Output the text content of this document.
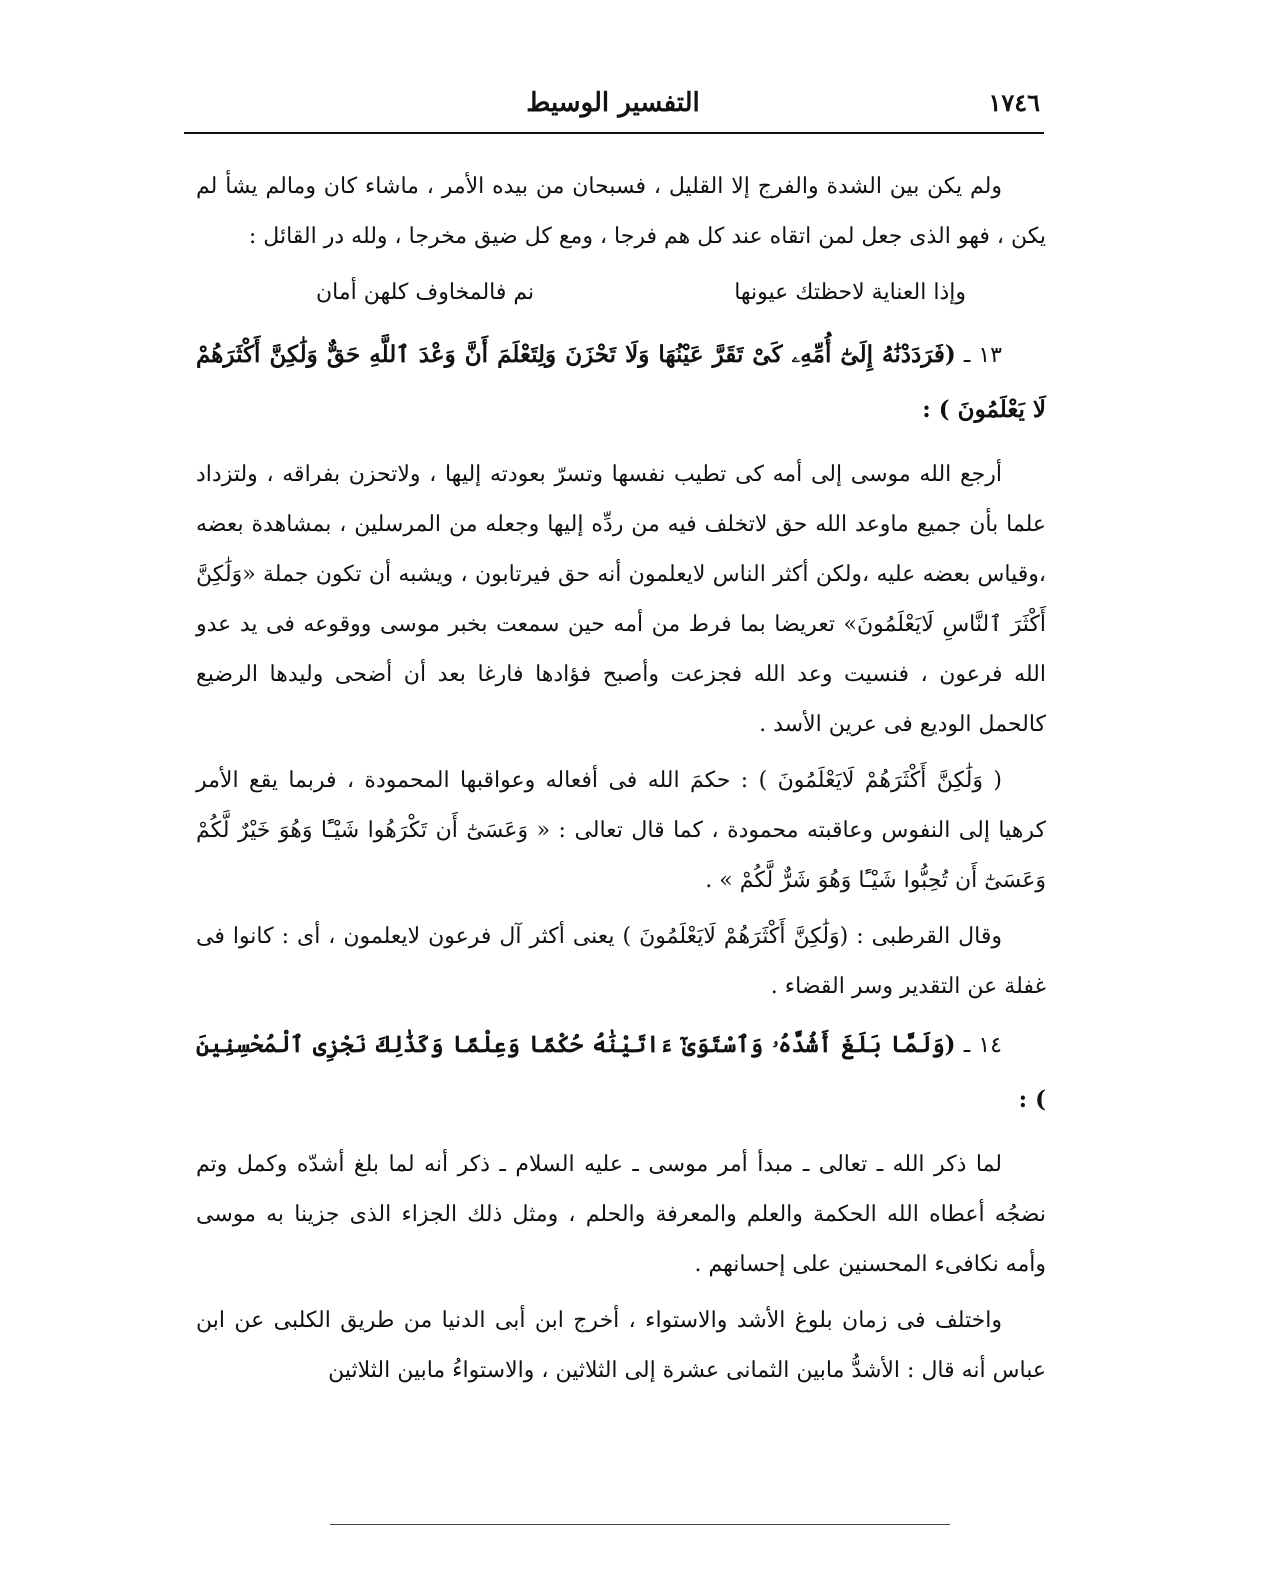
١٧٤٦
التفسير الوسيط

ولم يكن بين الشدة والفرج إلا القليل ، فسبحان من بيده الأمر ، ماشاء كان ومالم يشأ لم يكن ، فهو الذى جعل لمن اتقاه عند كل هم فرجا ، ومع كل ضيق مخرجا ، ولله در القائل :

وإذا العناية لاحظتك عيونها
نم فالمخاوف كلهن أمان

١٣ ـ (فَرَدَدْنَٰهُ إِلَىٰٓ أُمِّهِۦ كَىْ تَقَرَّ عَيْنُهَا وَلَا تَحْزَنَ وَلِتَعْلَمَ أَنَّ وَعْدَ ٱللَّهِ حَقٌّ وَلَٰكِنَّ أَكْثَرَهُمْ لَا يَعْلَمُونَ ) :

أرجع الله موسى إلى أمه كى تطيب نفسها وتسرّ بعودته إليها ، ولاتحزن بفراقه ، ولتزداد علما بأن جميع ماوعد الله حق لاتخلف فيه من ردِّه إليها وجعله من المرسلين ، بمشاهدة بعضه ،وقياس بعضه عليه ،ولكن أكثر الناس لايعلمون أنه حق فيرتابون ، ويشبه أن تكون جملة «وَلَٰكِنَّ أَكْثَرَ ٱلنَّاسِ لَايَعْلَمُونَ» تعريضا بما فرط من أمه حين سمعت بخبر موسى ووقوعه فى يد عدو الله فرعون ، فنسيت وعد الله فجزعت وأصبح فؤادها فارغا بعد أن أضحى وليدها الرضيع كالحمل الوديع فى عرين الأسد .

( وَلَٰكِنَّ أَكْثَرَهُمْ لَايَعْلَمُونَ ) : حكمَ الله فى أفعاله وعواقبها المحمودة ، فربما يقع الأمر كرهيا إلى النفوس وعاقبته محمودة ، كما قال تعالى : « وَعَسَىٰٓ أَن تَكْرَهُوا شَيْـًٔا وَهُوَ خَيْرٌ لَّكُمْ وَعَسَىٰٓ أَن تُحِبُّوا شَيْـًٔا وَهُوَ شَرٌّ لَّكُمْ » .

وقال القرطبى : (وَلَٰكِنَّ أَكْثَرَهُمْ لَايَعْلَمُونَ ) يعنى أكثر آل فرعون لايعلمون ، أى : كانوا فى غفلة عن التقدير وسر القضاء .

١٤ ـ (وَلَمَّا بَلَغَ أَشُدَّهُۥ وَٱسْتَوَىٰٓ ءَاتَيْنَٰهُ حُكْمًا وَعِلْمًا وَكَذَٰلِكَ نَجْزِى ٱلْمُحْسِنِينَ ) :

لما ذكر الله ـ تعالى ـ مبدأ أمر موسى ـ عليه السلام ـ ذكر أنه لما بلغ أشدّه وكمل وتم نضجُه أعطاه الله الحكمة والعلم والمعرفة والحلم ، ومثل ذلك الجزاء الذى جزينا به موسى وأمه نكافىء المحسنين على إحسانهم .

واختلف فى زمان بلوغ الأشد والاستواء ، أخرج ابن أبى الدنيا من طريق الكلبى عن ابن عباس أنه قال : الأشدُّ مابين الثمانى عشرة إلى الثلاثين ، والاستواءُ مابين الثلاثين
